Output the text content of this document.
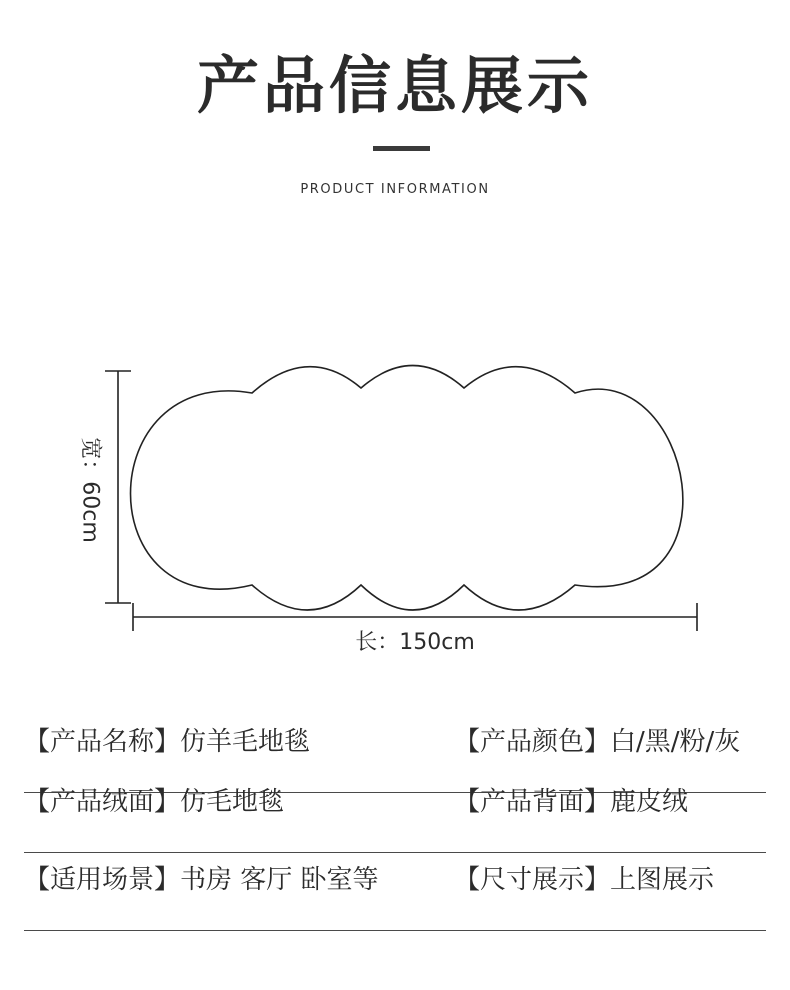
产品信息展示
PRODUCT INFORMATION
宽：60cm
长：150cm
【产品名称】仿羊毛地毯	【产品颜色】白/黑/粉/灰
【产品绒面】仿毛地毯	【产品背面】鹿皮绒
【适用场景】书房 客厅 卧室等	【尺寸展示】上图展示
